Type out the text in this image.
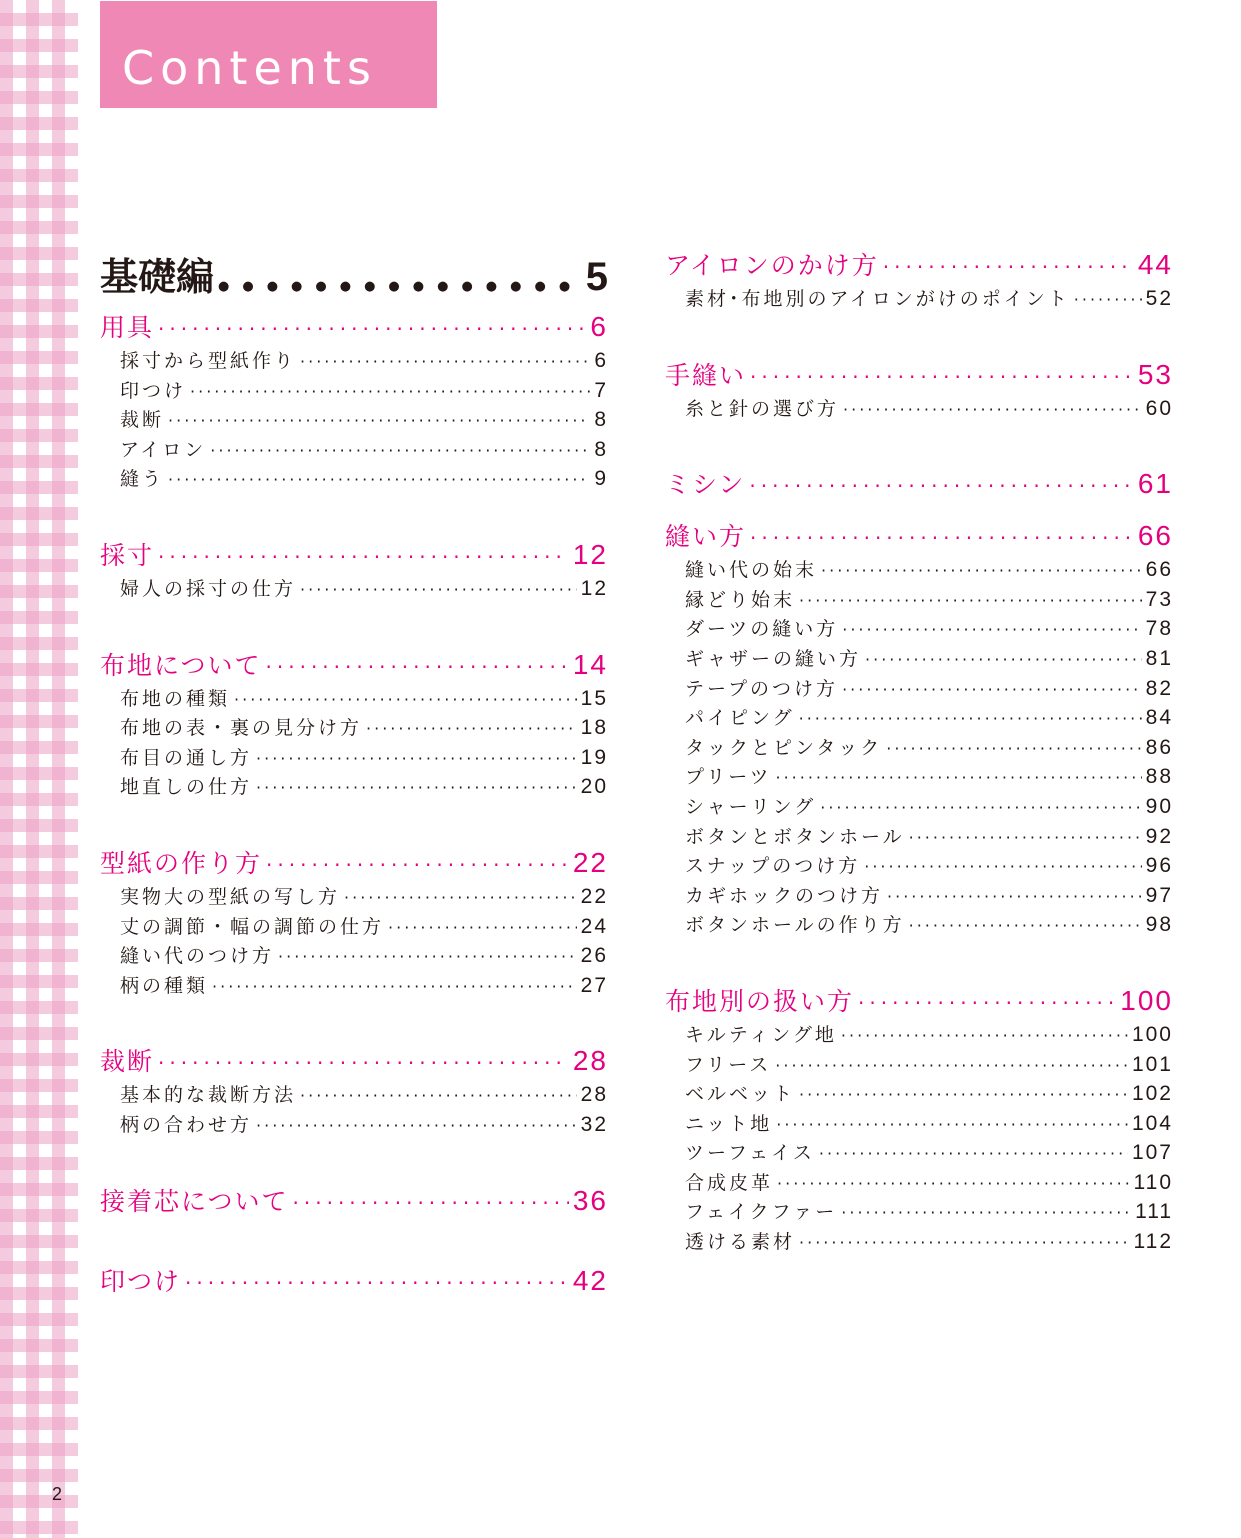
Contents
基礎編 ●●●●●●●●●●●●●●●●●●●●●●●●●●●●●●●●	5
用具 ·····	6
採寸から型紙作り ·····	6
印つけ ·····	7
裁断 ·····	8
アイロン ·····	8
縫う ·····	9
採寸 ·····	12
婦人の採寸の仕方 ·····	12
布地について ·····	14
布地の種類 ·····	15
布地の表・裏の見分け方 ·····	18
布目の通し方 ·····	19
地直しの仕方 ·····	20
型紙の作り方 ·····	22
実物大の型紙の写し方 ·····	22
丈の調節・幅の調節の仕方 ·····	24
縫い代のつけ方 ·····	26
柄の種類 ·····	27
裁断 ·····	28
基本的な裁断方法 ·····	28
柄の合わせ方 ·····	32
接着芯について ·····	36
印つけ ·····	42
アイロンのかけ方 ·····	44
素材･布地別のアイロンがけのポイント ·····	52
手縫い ·····	53
糸と針の選び方 ·····	60
ミシン ·····	61
縫い方 ·····	66
縫い代の始末 ·····	66
縁どり始末 ·····	73
ダーツの縫い方 ·····	78
ギャザーの縫い方 ·····	81
テープのつけ方 ·····	82
パイピング ·····	84
タックとピンタック ·····	86
プリーツ ·····	88
シャーリング ·····	90
ボタンとボタンホール ·····	92
スナップのつけ方 ·····	96
カギホックのつけ方 ·····	97
ボタンホールの作り方 ·····	98
布地別の扱い方 ·····	100
キルティング地 ·····	100
フリース ·····	101
ベルベット ·····	102
ニット地 ·····	104
ツーフェイス ·····	107
合成皮革 ·····	110
フェイクファー ·····	111
透ける素材 ·····	112
2
